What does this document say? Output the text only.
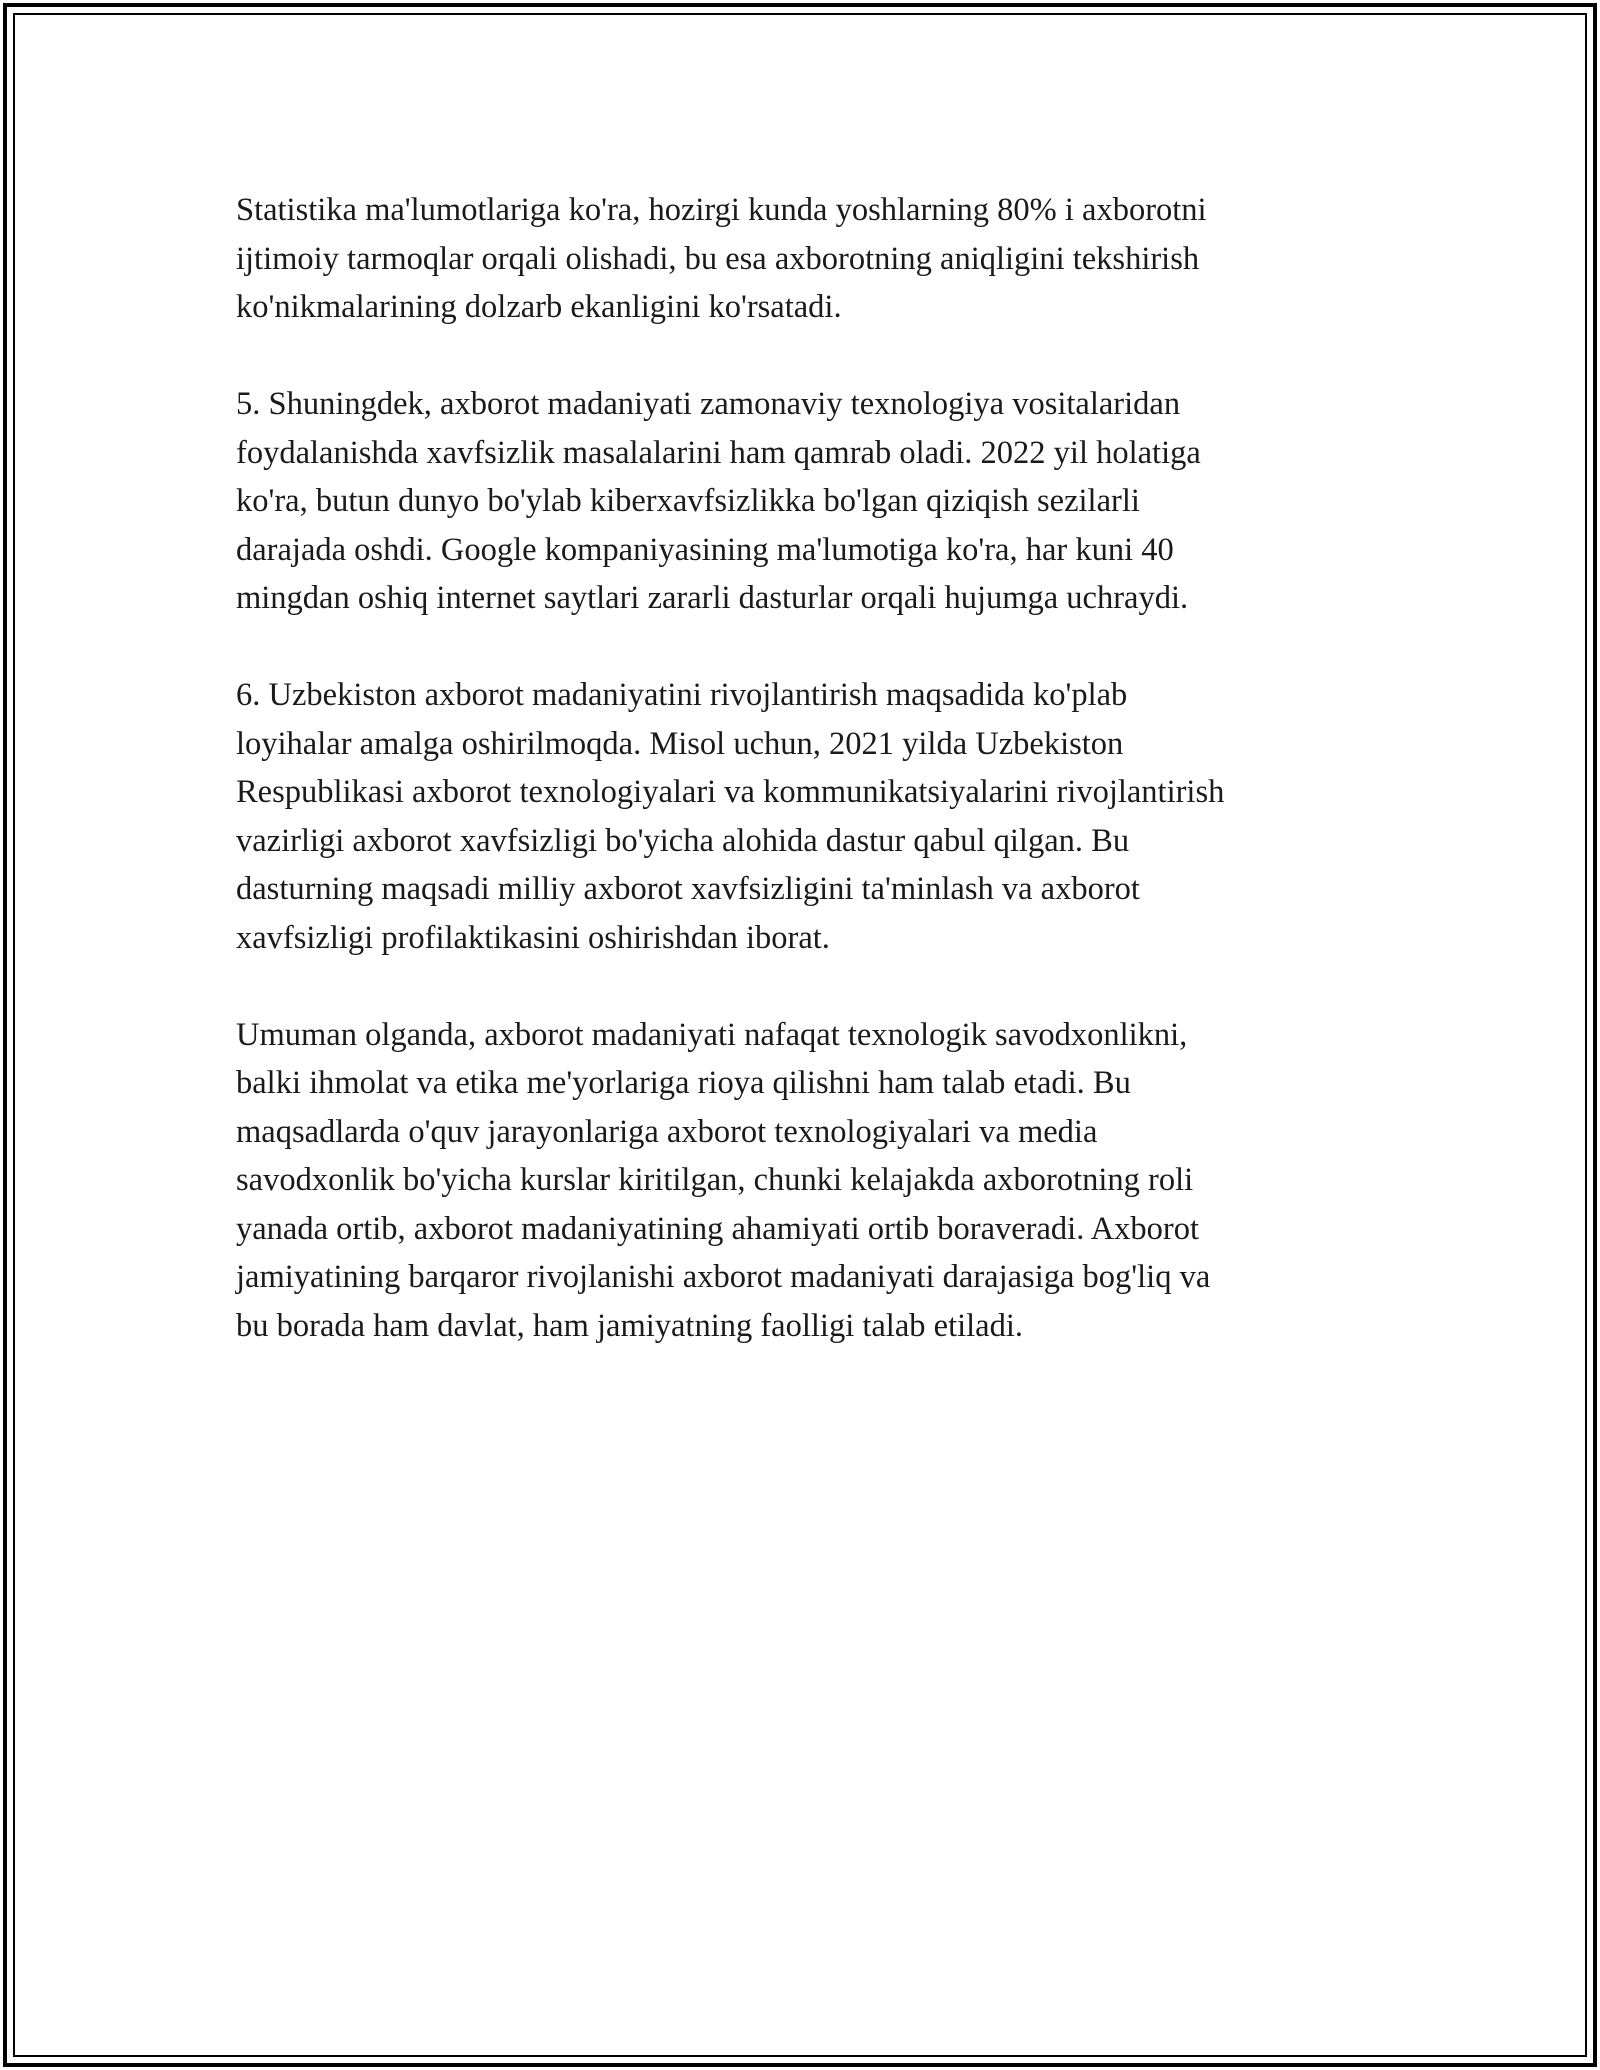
Statistika ma'lumotlariga ko'ra, hozirgi kunda yoshlarning 80% i axborotni
ijtimoiy tarmoqlar orqali olishadi, bu esa axborotning aniqligini tekshirish
ko'nikmalarining dolzarb ekanligini ko'rsatadi.

5. Shuningdek, axborot madaniyati zamonaviy texnologiya vositalaridan
foydalanishda xavfsizlik masalalarini ham qamrab oladi. 2022 yil holatiga
ko'ra, butun dunyo bo'ylab kiberxavfsizlikka bo'lgan qiziqish sezilarli
darajada oshdi. Google kompaniyasining ma'lumotiga ko'ra, har kuni 40
mingdan oshiq internet saytlari zararli dasturlar orqali hujumga uchraydi.

6. Uzbekiston axborot madaniyatini rivojlantirish maqsadida ko'plab
loyihalar amalga oshirilmoqda. Misol uchun, 2021 yilda Uzbekiston
Respublikasi axborot texnologiyalari va kommunikatsiyalarini rivojlantirish
vazirligi axborot xavfsizligi bo'yicha alohida dastur qabul qilgan. Bu
dasturning maqsadi milliy axborot xavfsizligini ta'minlash va axborot
xavfsizligi profilaktikasini oshirishdan iborat.

Umuman olganda, axborot madaniyati nafaqat texnologik savodxonlikni,
balki ihmolat va etika me'yorlariga rioya qilishni ham talab etadi. Bu
maqsadlarda o'quv jarayonlariga axborot texnologiyalari va media
savodxonlik bo'yicha kurslar kiritilgan, chunki kelajakda axborotning roli
yanada ortib, axborot madaniyatining ahamiyati ortib boraveradi. Axborot
jamiyatining barqaror rivojlanishi axborot madaniyati darajasiga bog'liq va
bu borada ham davlat, ham jamiyatning faolligi talab etiladi.
